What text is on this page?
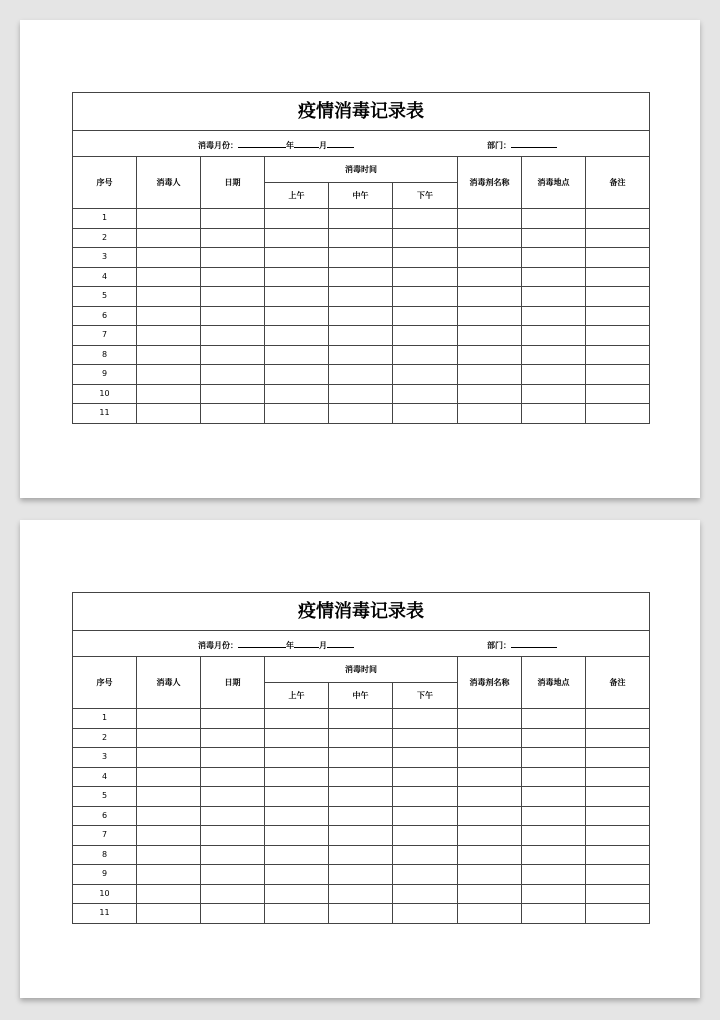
疫情消毒记录表								

消毒月份： 年 月 部门：								

序号	消毒人	日期	消毒时间			消毒剂名称	消毒地点	备注
			上午	中午	下午			
1								
2								
3								
4								
5								
6								
7								
8								
9								
10								
11								
疫情消毒记录表								

消毒月份： 年 月 部门：								

序号	消毒人	日期	消毒时间			消毒剂名称	消毒地点	备注
			上午	中午	下午			
1								
2								
3								
4								
5								
6								
7								
8								
9								
10								
11								
